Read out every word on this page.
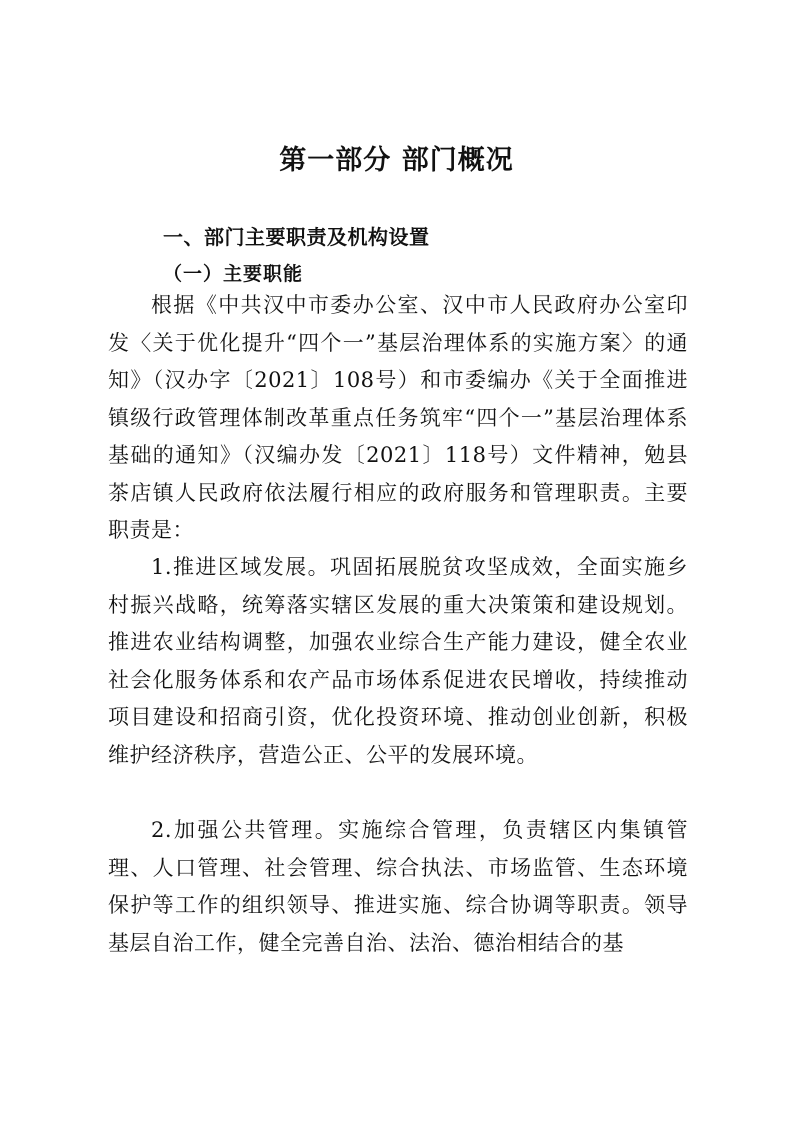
第一部分 部门概况
一、部门主要职责及机构设置
（一）主要职能

根据《中共汉中市委办公室、汉中市人民政府办公室印发〈关于优化提升“四个一”基层治理体系的实施方案〉的通知》（汉办字〔2021〕108号）和市委编办《关于全面推进镇级行政管理体制改革重点任务筑牢“四个一”基层治理体系基础的通知》（汉编办发〔2021〕118号）文件精神，勉县茶店镇人民政府依法履行相应的政府服务和管理职责。主要职责是：

1.推进区域发展。巩固拓展脱贫攻坚成效，全面实施乡村振兴战略，统筹落实辖区发展的重大决策策和建设规划。推进农业结构调整，加强农业综合生产能力建设，健全农业社会化服务体系和农产品市场体系促进农民增收，持续推动项目建设和招商引资，优化投资环境、推动创业创新，积极维护经济秩序，营造公正、公平的发展环境。

2.加强公共管理。实施综合管理，负责辖区内集镇管理、人口管理、社会管理、综合执法、市场监管、生态环境保护等工作的组织领导、推进实施、综合协调等职责。领导基层自治工作，健全完善自治、法治、德治相结合的基
